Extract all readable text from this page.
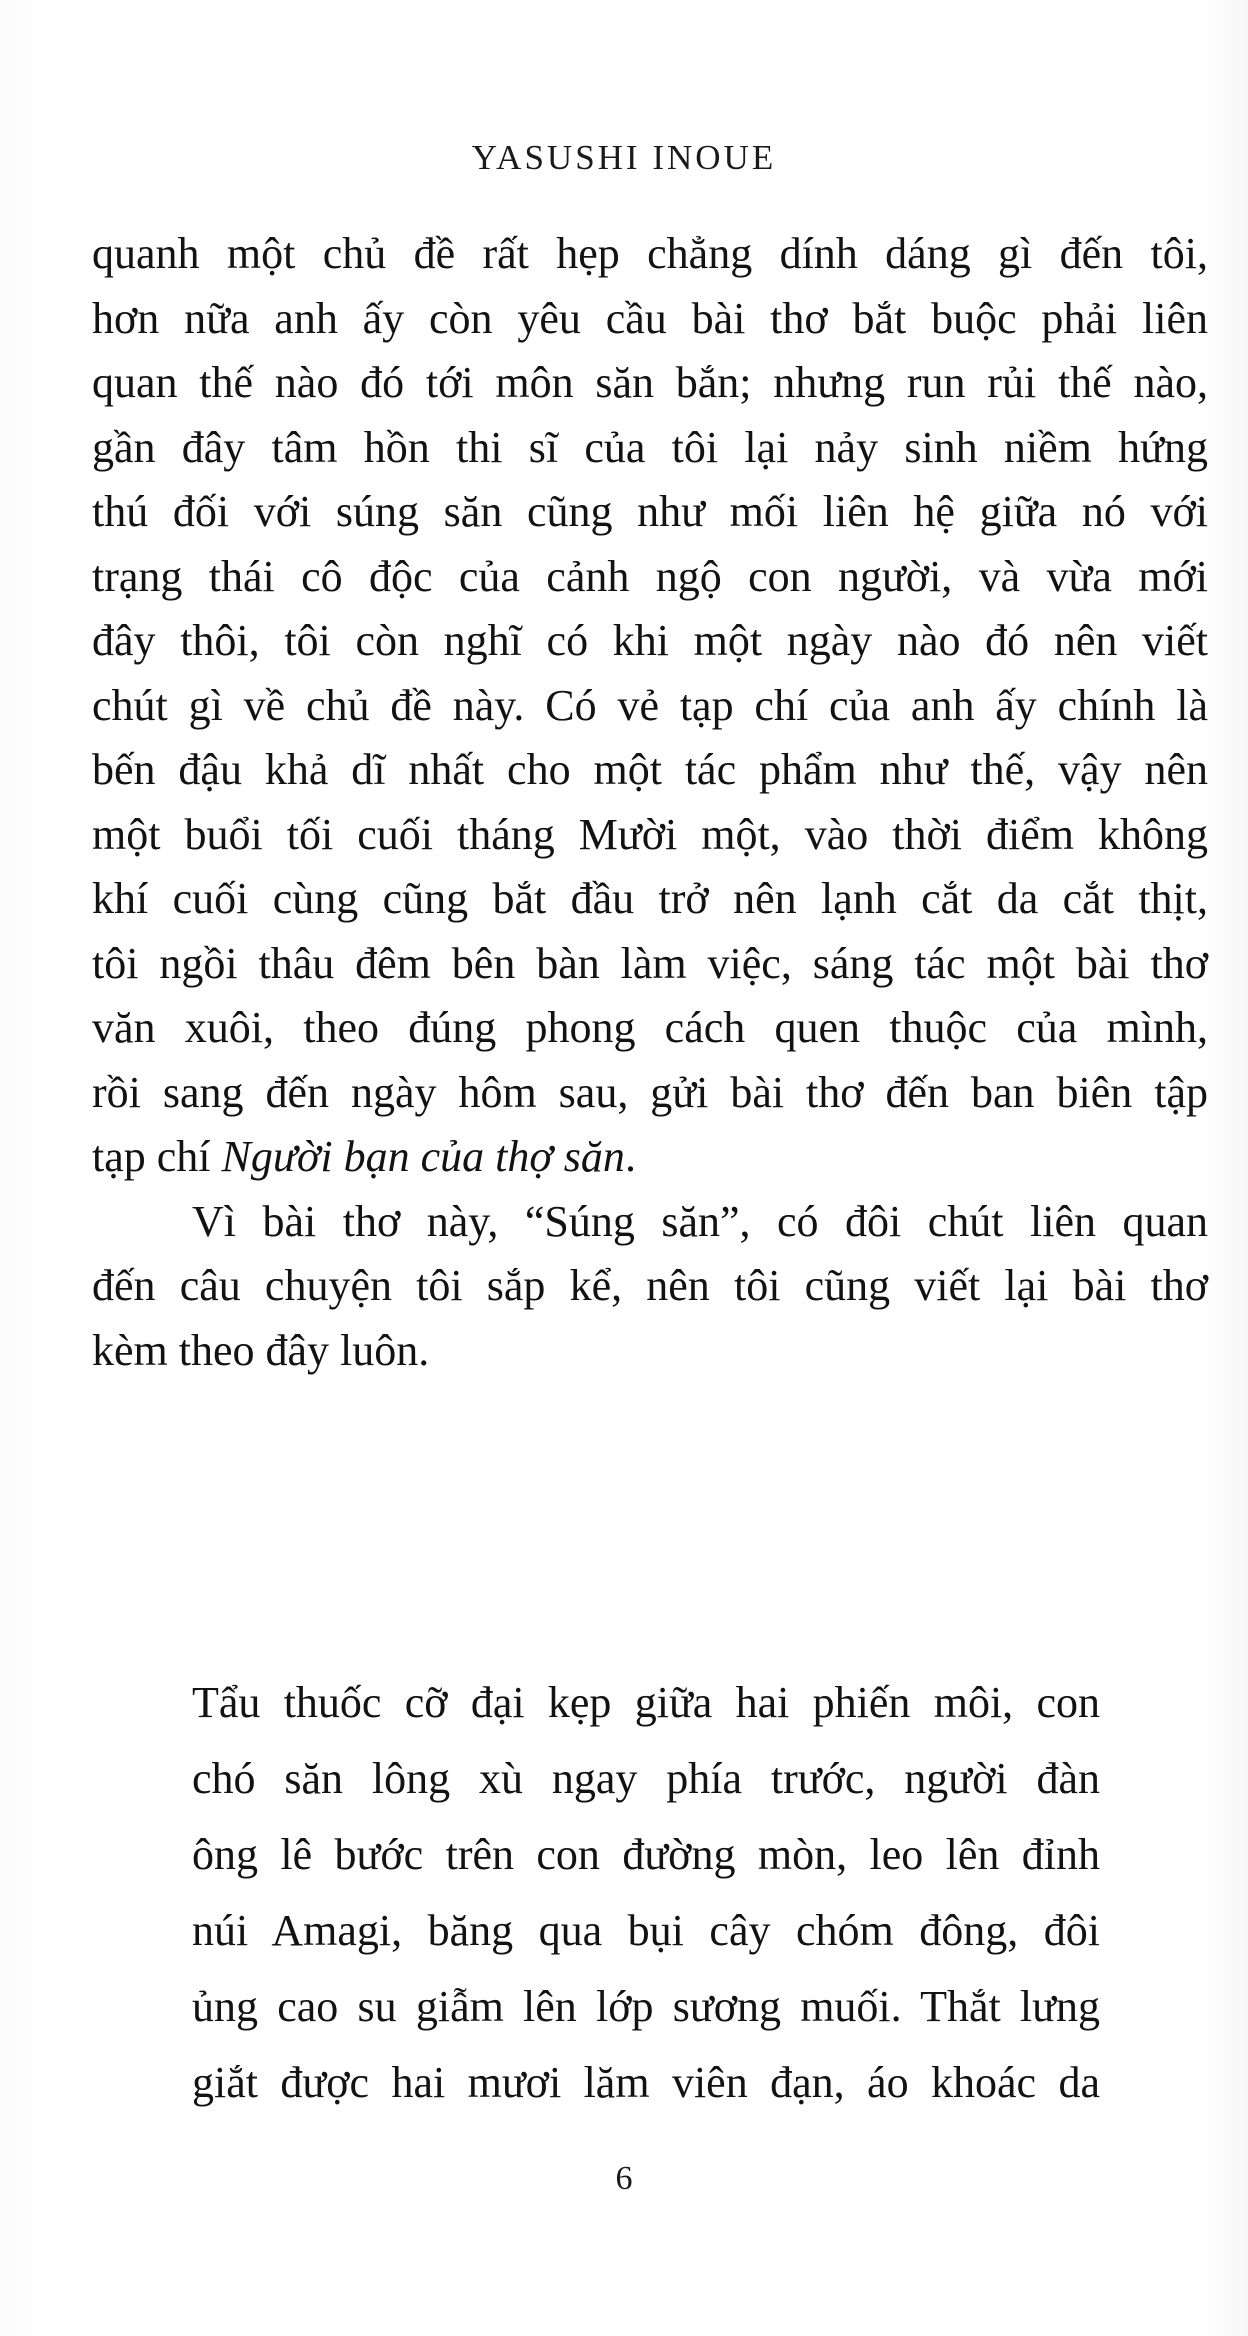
YASUSHI INOUE
quanh một chủ đề rất hẹp chẳng dính dáng gì đến tôi,
hơn nữa anh ấy còn yêu cầu bài thơ bắt buộc phải liên
quan thế nào đó tới môn săn bắn; nhưng run rủi thế nào,
gần đây tâm hồn thi sĩ của tôi lại nảy sinh niềm hứng
thú đối với súng săn cũng như mối liên hệ giữa nó với
trạng thái cô độc của cảnh ngộ con người, và vừa mới
đây thôi, tôi còn nghĩ có khi một ngày nào đó nên viết
chút gì về chủ đề này. Có vẻ tạp chí của anh ấy chính là
bến đậu khả dĩ nhất cho một tác phẩm như thế, vậy nên
một buổi tối cuối tháng Mười một, vào thời điểm không
khí cuối cùng cũng bắt đầu trở nên lạnh cắt da cắt thịt,
tôi ngồi thâu đêm bên bàn làm việc, sáng tác một bài thơ
văn xuôi, theo đúng phong cách quen thuộc của mình,
rồi sang đến ngày hôm sau, gửi bài thơ đến ban biên tập
tạp chí Người bạn của thợ săn.
Vì bài thơ này, “Súng săn”, có đôi chút liên quan
đến câu chuyện tôi sắp kể, nên tôi cũng viết lại bài thơ
kèm theo đây luôn.
Tẩu thuốc cỡ đại kẹp giữa hai phiến môi, con
chó săn lông xù ngay phía trước, người đàn
ông lê bước trên con đường mòn, leo lên đỉnh
núi Amagi, băng qua bụi cây chóm đông, đôi
ủng cao su giẫm lên lớp sương muối. Thắt lưng
giắt được hai mươi lăm viên đạn, áo khoác da
6
